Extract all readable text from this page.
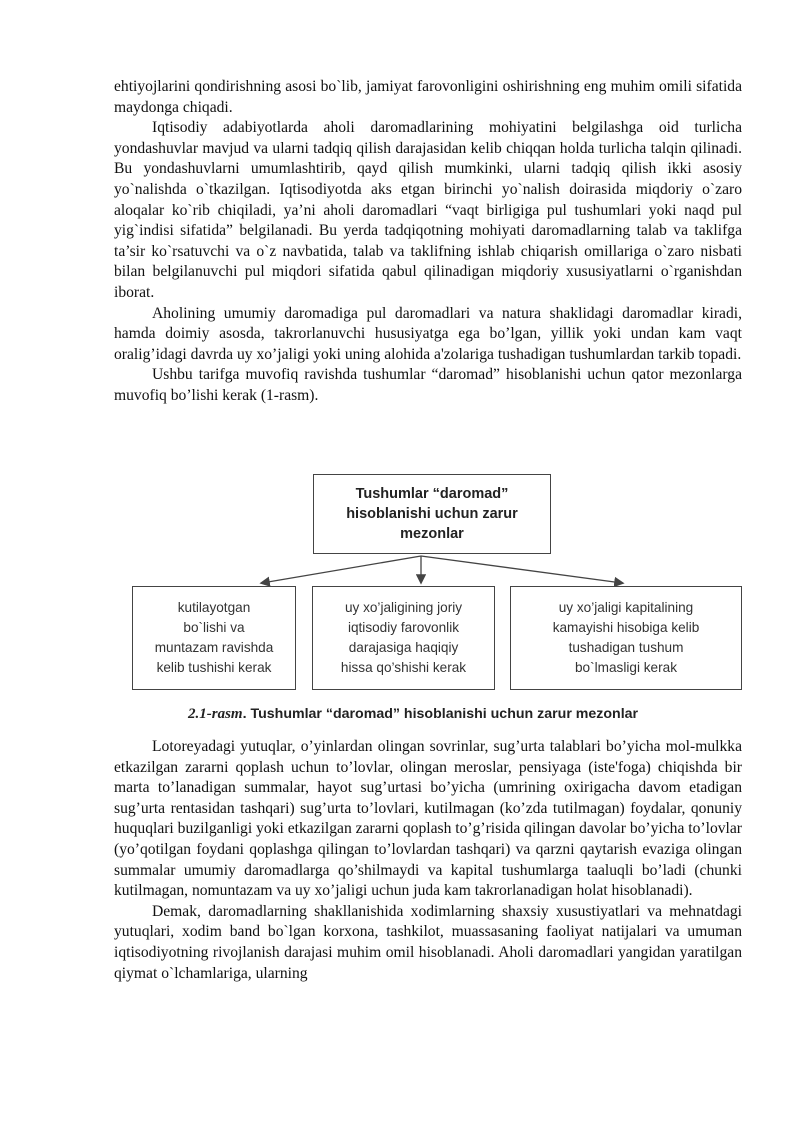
ehtiyojlarini qondirishning asosi bo`lib, jamiyat farovonligini oshirishning eng muhim omili sifatida maydonga chiqadi.

Iqtisodiy adabiyotlarda aholi daromadlarining mohiyatini belgilashga oid turlicha yondashuvlar mavjud va ularni tadqiq qilish darajasidan kelib chiqqan holda turlicha talqin qilinadi. Bu yondashuvlarni umumlashtirib, qayd qilish mumkinki, ularni tadqiq qilish ikki asosiy yo`nalishda o`tkazilgan. Iqtisodiyotda aks etgan birinchi yo`nalish doirasida miqdoriy o`zaro aloqalar ko`rib chiqiladi, ya’ni aholi daromadlari “vaqt birligiga pul tushumlari yoki naqd pul yig`indisi sifatida” belgilanadi. Bu yerda tadqiqotning mohiyati daromadlarning talab va taklifga ta’sir ko`rsatuvchi va o`z navbatida, talab va taklifning ishlab chiqarish omillariga o`zaro nisbati bilan belgilanuvchi pul miqdori sifatida qabul qilinadigan miqdoriy xususiyatlarni o`rganishdan iborat.

Aholining umumiy daromadiga pul daromadlari va natura shaklidagi daromadlar kiradi, hamda doimiy asosda, takrorlanuvchi hususiyatga ega bo’lgan, yillik yoki undan kam vaqt oralig’idagi davrda uy xo’jaligi yoki uning alohida a'zolariga tushadigan tushumlardan tarkib topadi.

Ushbu tarifga muvofiq ravishda tushumlar “daromad” hisoblanishi uchun qator mezonlarga muvofiq bo’lishi kerak (1-rasm).

Tushumlar “daromad”
hisoblanishi uchun zarur
mezonlar
kutilayotgan
bo`lishi va
muntazam ravishda
kelib tushishi kerak
uy xo’jaligining joriy
iqtisodiy farovonlik
darajasiga haqiqiy
hissa qo’shishi kerak
uy xo’jaligi kapitalining
kamayishi hisobiga kelib
tushadigan tushum
bo`lmasligi kerak
2.1-rasm. Tushumlar “daromad” hisoblanishi uchun zarur mezonlar

Lotoreyadagi yutuqlar, o’yinlardan olingan sovrinlar, sug’urta talablari bo’yicha mol-mulkka etkazilgan zararni qoplash uchun to’lovlar, olingan meroslar, pensiyaga (iste'foga) chiqishda bir marta to’lanadigan summalar, hayot sug’urtasi bo’yicha (umrining oxirigacha davom etadigan sug’urta rentasidan tashqari) sug’urta to’lovlari, kutilmagan (ko’zda tutilmagan) foydalar, qonuniy huquqlari buzilganligi yoki etkazilgan zararni qoplash to’g’risida qilingan davolar bo’yicha to’lovlar (yo’qotilgan foydani qoplashga qilingan to’lovlardan tashqari) va qarzni qaytarish evaziga olingan summalar umumiy daromadlarga qo’shilmaydi va kapital tushumlarga taaluqli bo’ladi (chunki kutilmagan, nomuntazam va uy xo’jaligi uchun juda kam takrorlanadigan holat hisoblanadi).

Demak, daromadlarning shakllanishida xodimlarning shaxsiy xusustiyatlari va mehnatdagi yutuqlari, xodim band bo`lgan korxona, tashkilot, muassasaning faoliyat natijalari va umuman iqtisodiyotning rivojlanish darajasi muhim omil hisoblanadi. Aholi daromadlari yangidan yaratilgan qiymat o`lchamlariga, ularning
